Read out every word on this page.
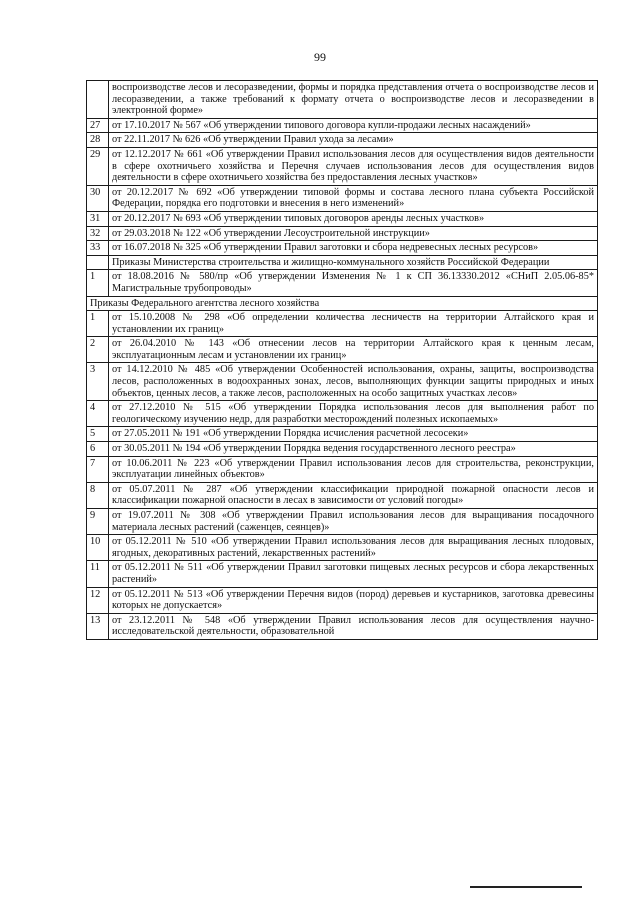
99
	воспроизводстве лесов и лесоразведении, формы и порядка представления отчета о воспроизводстве лесов и лесоразведении, а также требований к формату отчета о воспроизводстве лесов и лесоразведении в электронной форме»
27	от 17.10.2017 № 567 «Об утверждении типового договора купли-продажи лесных насаждений»
28	от 22.11.2017 № 626 «Об утверждении Правил ухода за лесами»
29	от 12.12.2017 № 661 «Об утверждении Правил использования лесов для осуществления видов деятельности в сфере охотничьего хозяйства и Перечня случаев использования лесов для осуществления видов деятельности в сфере охотничьего хозяйства без предоставления лесных участков»
30	от 20.12.2017 № 692 «Об утверждении типовой формы и состава лесного плана субъекта Российской Федерации, порядка его подготовки и внесения в него изменений»
31	от 20.12.2017 № 693 «Об утверждении типовых договоров аренды лесных участков»
32	от 29.03.2018 № 122 «Об утверждении Лесоустроительной инструкции»
33	от 16.07.2018 № 325 «Об утверждении Правил заготовки и сбора недревесных лесных ресурсов»
	Приказы Министерства строительства и жилищно-коммунального хозяйств Российской Федерации
1	от 18.08.2016 № 580/пр «Об утверждении Изменения № 1 к СП 36.13330.2012 «СНиП 2.05.06-85* Магистральные трубопроводы»
Приказы Федерального агентства лесного хозяйства	
1	от 15.10.2008 № 298 «Об определении количества лесничеств на территории Алтайского края и установлении их границ»
2	от 26.04.2010 № 143 «Об отнесении лесов на территории Алтайского края к ценным лесам, эксплуатационным лесам и установлении их границ»
3	от 14.12.2010 № 485 «Об утверждении Особенностей использования, охраны, защиты, воспроизводства лесов, расположенных в водоохранных зонах, лесов, выполняющих функции защиты природных и иных объектов, ценных лесов, а также лесов, расположенных на особо защитных участках лесов»
4	от 27.12.2010 № 515 «Об утверждении Порядка использования лесов для выполнения работ по геологическому изучению недр, для разработки месторождений полезных ископаемых»
5	от 27.05.2011 № 191 «Об утверждении Порядка исчисления расчетной лесосеки»
6	от 30.05.2011 № 194 «Об утверждении Порядка ведения государственного лесного реестра»
7	от 10.06.2011 № 223 «Об утверждении Правил использования лесов для строительства, реконструкции, эксплуатации линейных объектов»
8	от 05.07.2011 № 287 «Об утверждении классификации природной пожарной опасности лесов и классификации пожарной опасности в лесах в зависимости от условий погоды»
9	от 19.07.2011 № 308 «Об утверждении Правил использования лесов для выращивания посадочного материала лесных растений (саженцев, сеянцев)»
10	от 05.12.2011 № 510 «Об утверждении Правил использования лесов для выращивания лесных плодовых, ягодных, декоративных растений, лекарственных растений»
11	от 05.12.2011 № 511 «Об утверждении Правил заготовки пищевых лесных ресурсов и сбора лекарственных растений»
12	от 05.12.2011 № 513 «Об утверждении Перечня видов (пород) деревьев и кустарников, заготовка древесины которых не допускается»
13	от 23.12.2011 № 548 «Об утверждении Правил использования лесов для осуществления научно-исследовательской деятельности, образовательной
